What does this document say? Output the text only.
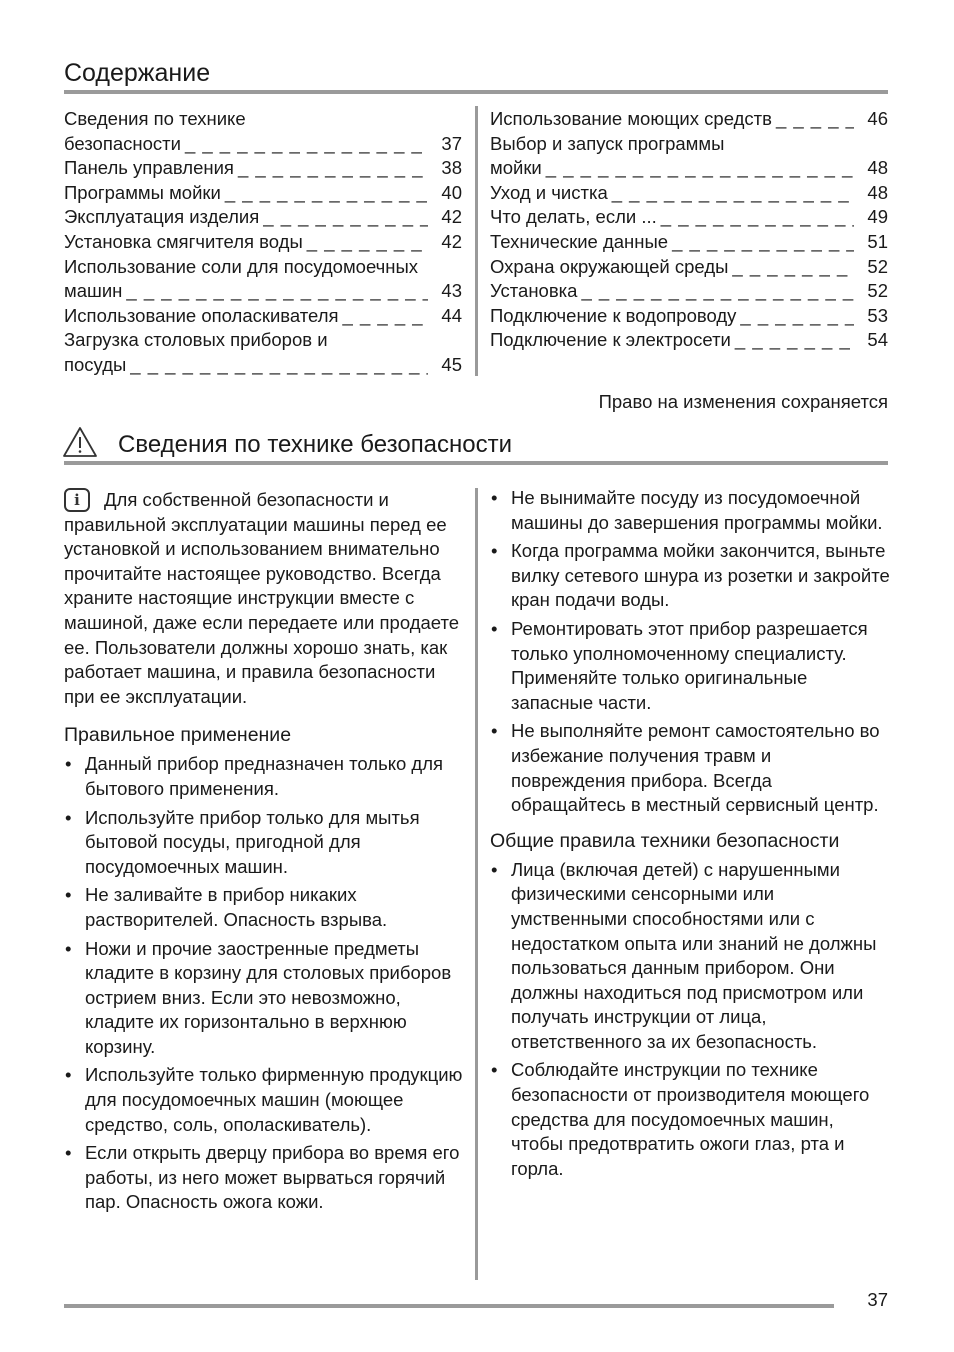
Содержание
Сведения по технике
безопасности _ _ _	37
Панель управления _ _ _	38
Программы мойки _ _ _	40
Эксплуатация изделия _ _ _	42
Установка смягчителя воды _ _ _	42
Использование соли для посудомоечных
машин _ _ _	43
Использование ополаскивателя _ _ _	44
Загрузка столовых приборов и
посуды _ _ _	45
Использование моющих средств _ _ _	46
Выбор и запуск программы
мойки _ _ _	48
Уход и чистка _ _ _	48
Что делать, если ... _ _ _	49
Технические данные _ _ _	51
Охрана окружающей среды _ _ _	52
Установка _ _ _	52
Подключение к водопроводу _ _ _	53
Подключение к электросети _ _ _	54
Право на изменения сохраняется
Сведения по технике безопасности

i	Для собственной безопасности и правильной эксплуатации машины перед ее установкой и использованием внимательно прочитайте настоящее руководство. Всегда храните настоящие инструкции вместе с машиной, даже если передаете или продаете ее. Пользователи должны хорошо знать, как работает машина, и правила безопасности при ее эксплуатации.

Правильное применение
• Данный прибор предназначен только для бытового применения.
• Используйте прибор только для мытья бытовой посуды, пригодной для посудомоечных машин.
• Не заливайте в прибор никаких растворителей. Опасность взрыва.
• Ножи и прочие заостренные предметы кладите в корзину для столовых приборов острием вниз. Если это невозможно, кладите их горизонтально в верхнюю корзину.
• Используйте только фирменную продукцию для посудомоечных машин (моющее средство, соль, ополаскиватель).
• Если открыть дверцу прибора во время его работы, из него может вырваться горячий пар. Опасность ожога кожи.
• Не вынимайте посуду из посудомоечной машины до завершения программы мойки.
• Когда программа мойки закончится, выньте вилку сетевого шнура из розетки и закройте кран подачи воды.
• Ремонтировать этот прибор разрешается только уполномоченному специалисту. Применяйте только оригинальные запасные части.
• Не выполняйте ремонт самостоятельно во избежание получения травм и повреждения прибора. Всегда обращайтесь в местный сервисный центр.
Общие правила техники безопасности
• Лица (включая детей) с нарушенными физическими сенсорными или умственными способностями или с недостатком опыта или знаний не должны пользоваться данным прибором. Они должны находиться под присмотром или получать инструкции от лица, ответственного за их безопасность.
• Соблюдайте инструкции по технике безопасности от производителя моющего средства для посудомоечных машин, чтобы предотвратить ожоги глаз, рта и горла.
37
